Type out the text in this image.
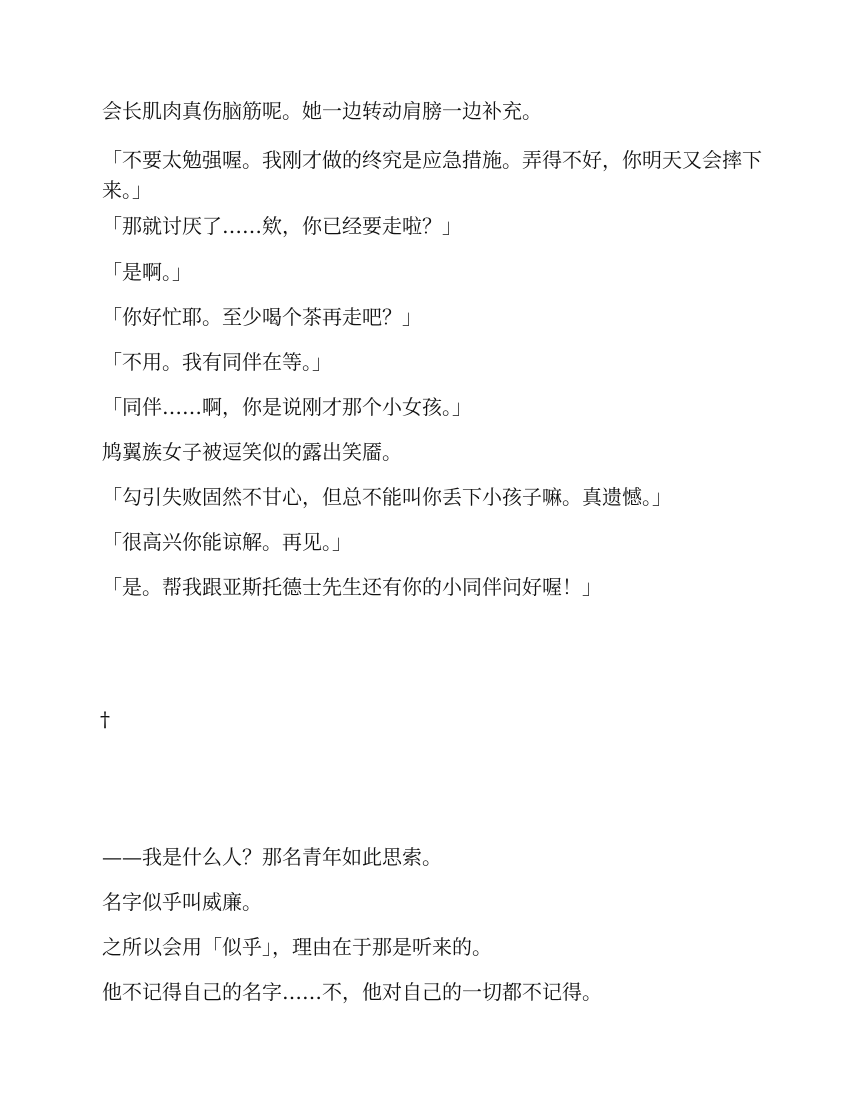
会长肌肉真伤脑筋呢。她一边转动肩膀一边补充。

「不要太勉强喔。我刚才做的终究是应急措施。弄得不好，你明天又会摔下来。」

「那就讨厌了……欸，你已经要走啦？」

「是啊。」

「你好忙耶。至少喝个茶再走吧？」

「不用。我有同伴在等。」

「同伴……啊，你是说刚才那个小女孩。」

鸠翼族女子被逗笑似的露出笑靥。

「勾引失败固然不甘心，但总不能叫你丢下小孩子嘛。真遗憾。」

「很高兴你能谅解。再见。」

「是。帮我跟亚斯托德士先生还有你的小同伴问好喔！」

†

——我是什么人？那名青年如此思索。

名字似乎叫威廉。

之所以会用「似乎」，理由在于那是听来的。

他不记得自己的名字……不，他对自己的一切都不记得。
